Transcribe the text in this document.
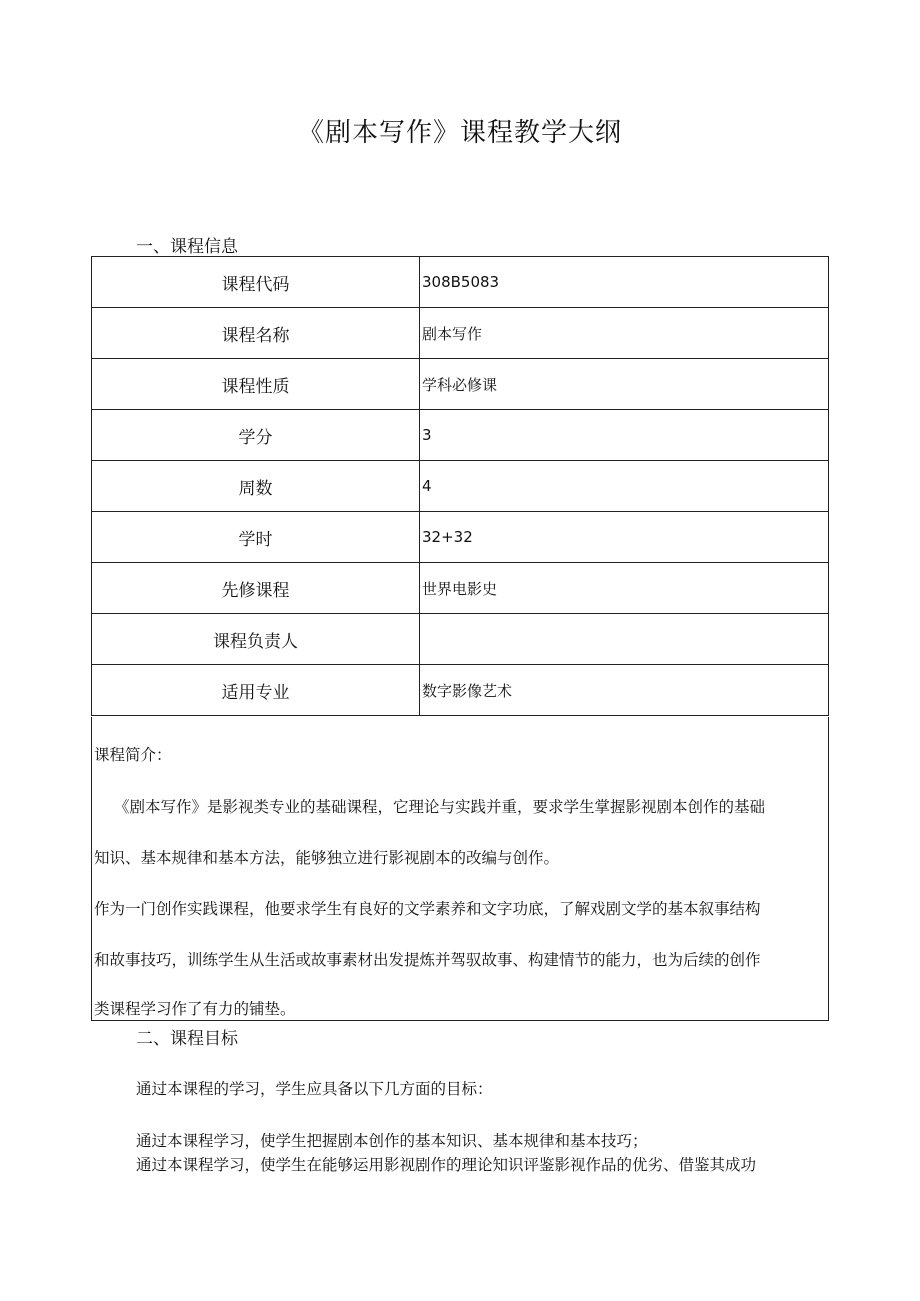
《剧本写作》课程教学大纲
一、课程信息
课程代码	308B5083
课程名称	剧本写作
课程性质	学科必修课
学分	3
周数	4
学时	32+32
先修课程	世界电影史
课程负责人	
适用专业	数字影像艺术
课程简介：
《剧本写作》是影视类专业的基础课程，它理论与实践并重，要求学生掌握影视剧本创作的基础
知识、基本规律和基本方法，能够独立进行影视剧本的改编与创作。
作为一门创作实践课程，他要求学生有良好的文学素养和文字功底，了解戏剧文学的基本叙事结构
和故事技巧，训练学生从生活或故事素材出发提炼并驾驭故事、构建情节的能力，也为后续的创作
类课程学习作了有力的铺垫。
二、课程目标
通过本课程的学习，学生应具备以下几方面的目标：
通过本课程学习，使学生把握剧本创作的基本知识、基本规律和基本技巧；
通过本课程学习，使学生在能够运用影视剧作的理论知识评鉴影视作品的优劣、借鉴其成功
